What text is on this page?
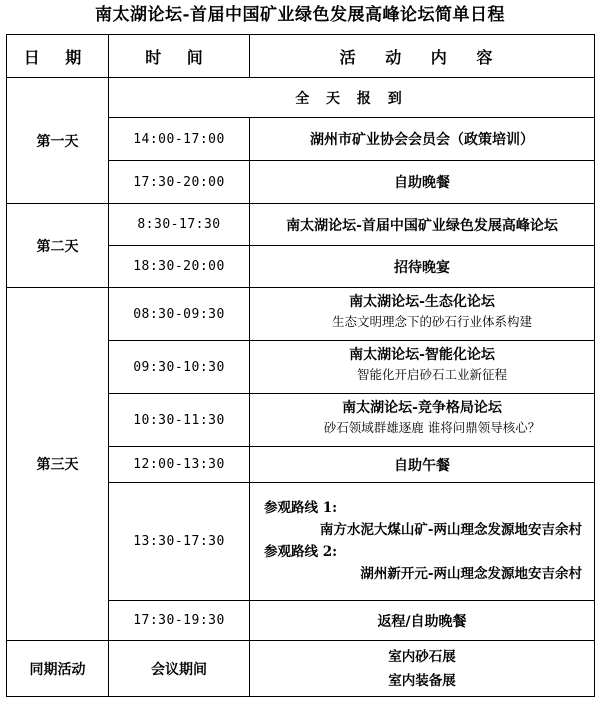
南太湖论坛-首届中国矿业绿色发展高峰论坛简单日程
日 期	时 间	活 动 内 容
第一天	全 天 报 到	
	14:00-17:00	湖州市矿业协会会员会（政策培训）
	17:30-20:00	自助晚餐
第二天	8:30-17:30	南太湖论坛-首届中国矿业绿色发展高峰论坛
	18:30-20:00	招待晚宴
第三天	08:30-09:30	南太湖论坛-生态化论坛
生态文明理念下的砂石行业体系构建

	09:30-10:30	南太湖论坛-智能化论坛
智能化开启砂石工业新征程

	10:30-11:30	南太湖论坛-竞争格局论坛
砂石领域群雄逐鹿 谁将问鼎领导核心？

	12:00-13:30	自助午餐
	13:30-17:30	参观路线 1:
南方水泥大煤山矿-两山理念发源地安吉余村
参观路线 2:
湖州新开元-两山理念发源地安吉余村

	17:30-19:30	返程/自助晚餐
同期活动	会议期间	室内砂石展
室内装备展
